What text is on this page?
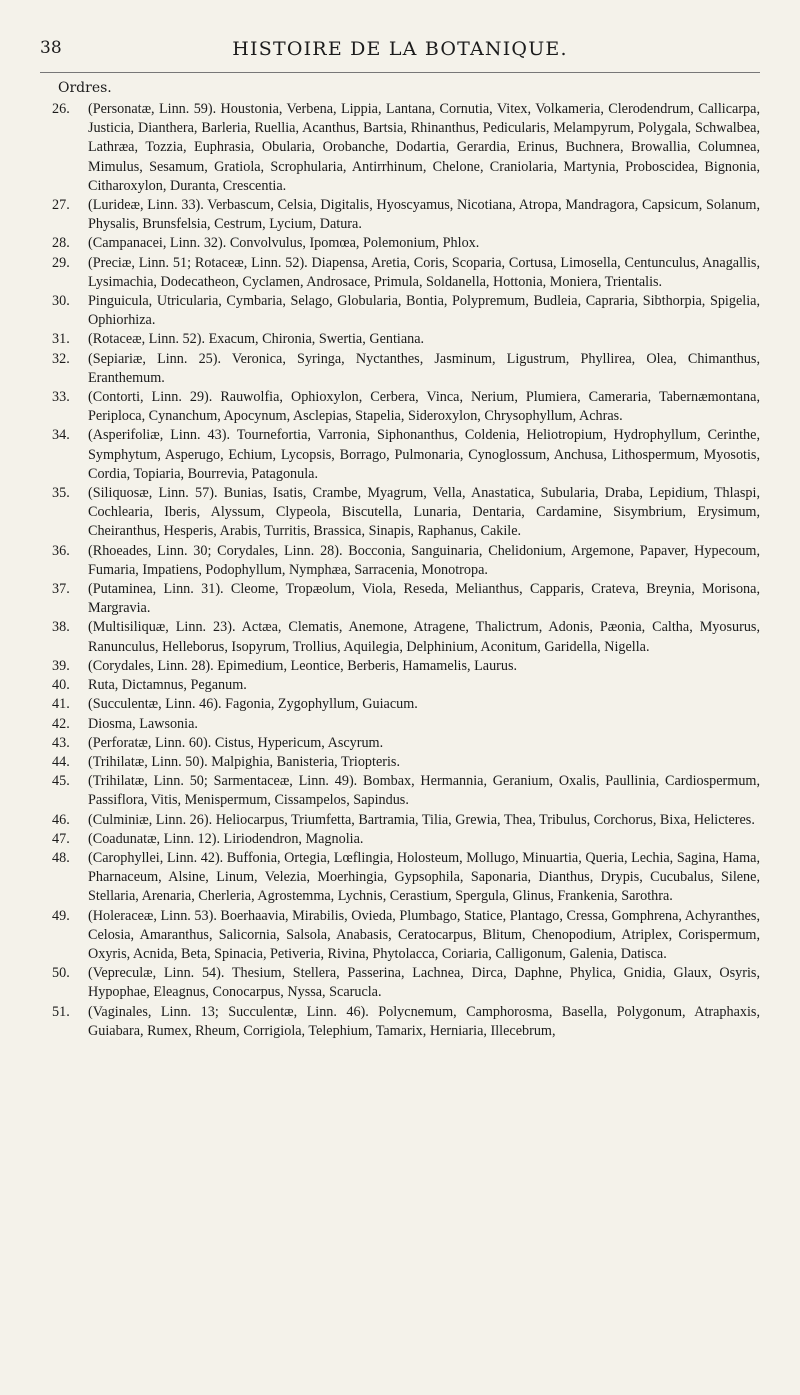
38	HISTOIRE DE LA BOTANIQUE.
Ordres.
26. (Personatæ, Linn. 59). Houstonia, Verbena, Lippia, Lantana, Cornutia, Vitex, Volkameria, Clerodendrum, Callicarpa, Justicia, Dianthera, Barleria, Ruellia, Acanthus, Bartsia, Rhinanthus, Pedicularis, Melampyrum, Polygala, Schwalbea, Lathræa, Tozzia, Euphrasia, Obularia, Orobanche, Dodartia, Gerardia, Erinus, Buchnera, Browallia, Columnea, Mimulus, Sesamum, Gratiola, Scrophularia, Antirrhinum, Chelone, Craniolaria, Martynia, Proboscidea, Bignonia, Citharoxylon, Duranta, Crescentia.
27. (Lurideæ, Linn. 33). Verbascum, Celsia, Digitalis, Hyoscyamus, Nicotiana, Atropa, Mandragora, Capsicum, Solanum, Physalis, Brunsfelsia, Cestrum, Lycium, Datura.
28. (Campanacei, Linn. 32). Convolvulus, Ipomœa, Polemonium, Phlox.
29. (Preciæ, Linn. 51; Rotaceæ, Linn. 52). Diapensa, Aretia, Coris, Scoparia, Cortusa, Limosella, Centunculus, Anagallis, Lysimachia, Dodecatheon, Cyclamen, Androsace, Primula, Soldanella, Hottonia, Moniera, Trientalis.
30. Pinguicula, Utricularia, Cymbaria, Selago, Globularia, Bontia, Polypremum, Budleia, Capraria, Sibthorpia, Spigelia, Ophiorhiza.
31. (Rotaceæ, Linn. 52). Exacum, Chironia, Swertia, Gentiana.
32. (Sepiariæ, Linn. 25). Veronica, Syringa, Nyctanthes, Jasminum, Ligustrum, Phyllirea, Olea, Chimanthus, Eranthemum.
33. (Contorti, Linn. 29). Rauwolfia, Ophioxylon, Cerbera, Vinca, Nerium, Plumiera, Cameraria, Tabernæmontana, Periploca, Cynanchum, Apocynum, Asclepias, Stapelia, Sideroxylon, Chrysophyllum, Achras.
34. (Asperifoliæ, Linn. 43). Tournefortia, Varronia, Siphonanthus, Coldenia, Heliotropium, Hydrophyllum, Cerinthe, Symphytum, Asperugo, Echium, Lycopsis, Borrago, Pulmonaria, Cynoglossum, Anchusa, Lithospermum, Myosotis, Cordia, Topiaria, Bourrevia, Patagonula.
35. (Siliquosæ, Linn. 57). Bunias, Isatis, Crambe, Myagrum, Vella, Anastatica, Subularia, Draba, Lepidium, Thlaspi, Cochlearia, Iberis, Alyssum, Clypeola, Biscutella, Lunaria, Dentaria, Cardamine, Sisymbrium, Erysimum, Cheiranthus, Hesperis, Arabis, Turritis, Brassica, Sinapis, Raphanus, Cakile.
36. (Rhoeades, Linn. 30; Corydales, Linn. 28). Bocconia, Sanguinaria, Chelidonium, Argemone, Papaver, Hypecoum, Fumaria, Impatiens, Podophyllum, Nymphæa, Sarracenia, Monotropa.
37. (Putaminea, Linn. 31). Cleome, Tropæolum, Viola, Reseda, Melianthus, Capparis, Crateva, Breynia, Morisona, Margravia.
38. (Multisiliquæ, Linn. 23). Actæa, Clematis, Anemone, Atragene, Thalictrum, Adonis, Pæonia, Caltha, Myosurus, Ranunculus, Helleborus, Isopyrum, Trollius, Aquilegia, Delphinium, Aconitum, Garidella, Nigella.
39. (Corydales, Linn. 28). Epimedium, Leontice, Berberis, Hamamelis, Laurus.
40. Ruta, Dictamnus, Peganum.
41. (Succulentæ, Linn. 46). Fagonia, Zygophyllum, Guiacum.
42. Diosma, Lawsonia.
43. (Perforatæ, Linn. 60). Cistus, Hypericum, Ascyrum.
44. (Trihilatæ, Linn. 50). Malpighia, Banisteria, Triopteris.
45. (Trihilatæ, Linn. 50; Sarmentaceæ, Linn. 49). Bombax, Hermannia, Geranium, Oxalis, Paullinia, Cardiospermum, Passiflora, Vitis, Menispermum, Cissampelos, Sapindus.
46. (Culminiæ, Linn. 26). Heliocarpus, Triumfetta, Bartramia, Tilia, Grewia, Thea, Tribulus, Corchorus, Bixa, Helicteres.
47. (Coadunatæ, Linn. 12). Liriodendron, Magnolia.
48. (Carophyllei, Linn. 42). Buffonia, Ortegia, Lœflingia, Holosteum, Mollugo, Minuartia, Queria, Lechia, Sagina, Hama, Pharnaceum, Alsine, Linum, Velezia, Moerhingia, Gypsophila, Saponaria, Dianthus, Drypis, Cucubalus, Silene, Stellaria, Arenaria, Cherleria, Agrostemma, Lychnis, Cerastium, Spergula, Glinus, Frankenia, Sarothra.
49. (Holeraceæ, Linn. 53). Boerhaavia, Mirabilis, Ovieda, Plumbago, Statice, Plantago, Cressa, Gomphrena, Achyranthes, Celosia, Amaranthus, Salicornia, Salsola, Anabasis, Ceratocarpus, Blitum, Chenopodium, Atriplex, Corispermum, Oxyris, Acnida, Beta, Spinacia, Petiveria, Rivina, Phytolacca, Coriaria, Calligonum, Galenia, Datisca.
50. (Vepreculæ, Linn. 54). Thesium, Stellera, Passerina, Lachnea, Dirca, Daphne, Phylica, Gnidia, Glaux, Osyris, Hypophae, Eleagnus, Conocarpus, Nyssa, Scarucla.
51. (Vaginales, Linn. 13; Succulentæ, Linn. 46). Polycnemum, Camphorosma, Basella, Polygonum, Atraphaxis, Guiabara, Rumex, Rheum, Corrigiola, Telephium, Tamarix, Herniaria, Illecebrum,
